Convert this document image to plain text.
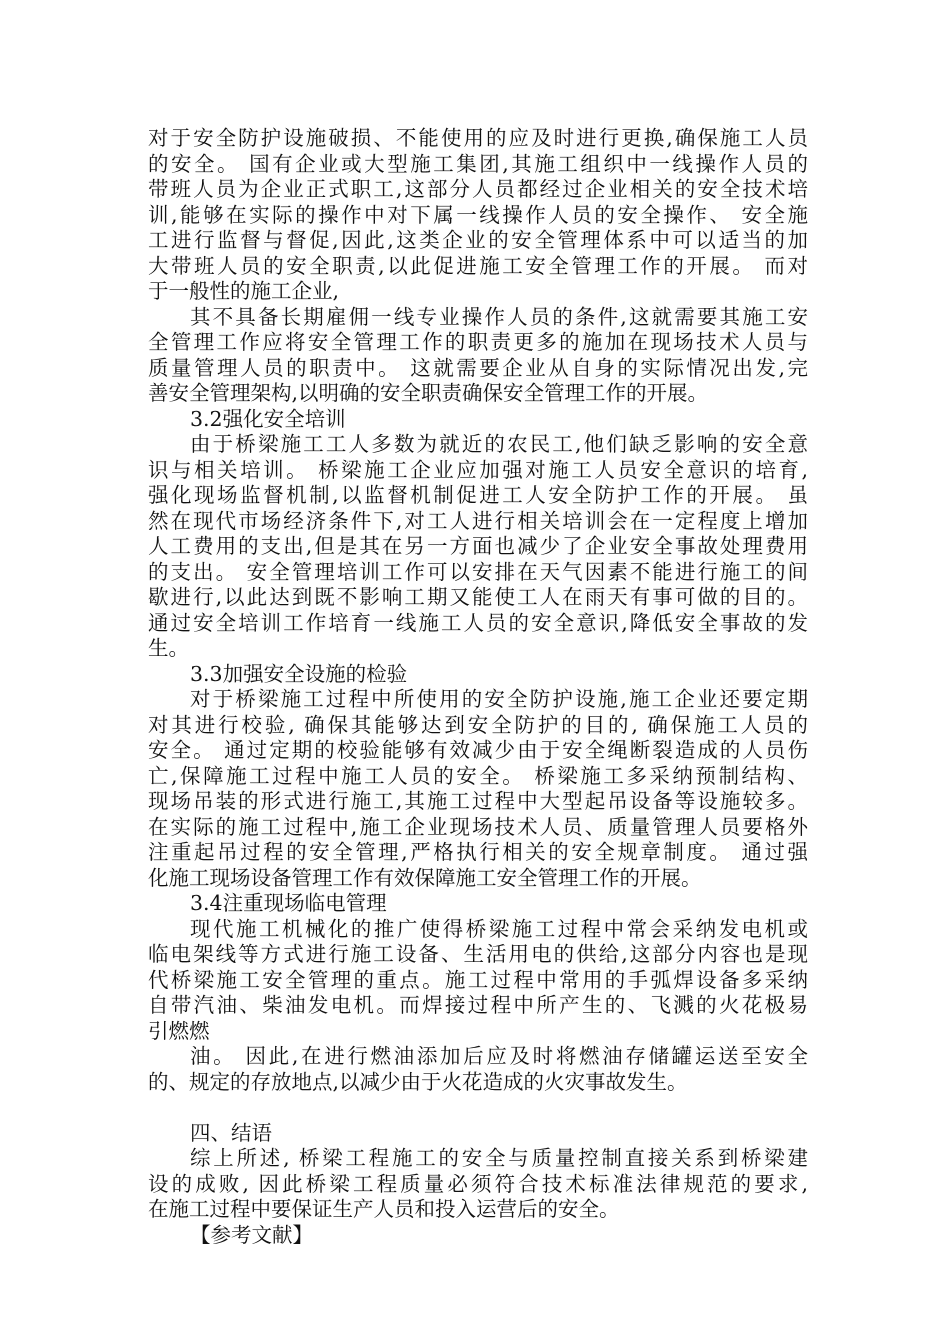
对于安全防护设施破损、不能使用的应及时进行更换,确保施工人员
的安全。 国有企业或大型施工集团,其施工组织中一线操作人员的
带班人员为企业正式职工,这部分人员都经过企业相关的安全技术培
训,能够在实际的操作中对下属一线操作人员的安全操作、 安全施
工进行监督与督促,因此,这类企业的安全管理体系中可以适当的加
大带班人员的安全职责,以此促进施工安全管理工作的开展。 而对
于一般性的施工企业,
其不具备长期雇佣一线专业操作人员的条件,这就需要其施工安
全管理工作应将安全管理工作的职责更多的施加在现场技术人员与
质量管理人员的职责中。 这就需要企业从自身的实际情况出发,完
善安全管理架构,以明确的安全职责确保安全管理工作的开展。
3.2强化安全培训
由于桥梁施工工人多数为就近的农民工,他们缺乏影响的安全意
识与相关培训。 桥梁施工企业应加强对施工人员安全意识的培育,
强化现场监督机制,以监督机制促进工人安全防护工作的开展。 虽
然在现代市场经济条件下,对工人进行相关培训会在一定程度上增加
人工费用的支出,但是其在另一方面也减少了企业安全事故处理费用
的支出。 安全管理培训工作可以安排在天气因素不能进行施工的间
歇进行,以此达到既不影响工期又能使工人在雨天有事可做的目的。
通过安全培训工作培育一线施工人员的安全意识,降低安全事故的发
生。
3.3加强安全设施的检验
对于桥梁施工过程中所使用的安全防护设施,施工企业还要定期
对其进行校验, 确保其能够达到安全防护的目的, 确保施工人员的
安全。 通过定期的校验能够有效减少由于安全绳断裂造成的人员伤
亡,保障施工过程中施工人员的安全。 桥梁施工多采纳预制结构、
现场吊装的形式进行施工,其施工过程中大型起吊设备等设施较多。
在实际的施工过程中,施工企业现场技术人员、质量管理人员要格外
注重起吊过程的安全管理,严格执行相关的安全规章制度。 通过强
化施工现场设备管理工作有效保障施工安全管理工作的开展。
3.4注重现场临电管理
现代施工机械化的推广使得桥梁施工过程中常会采纳发电机或
临电架线等方式进行施工设备、生活用电的供给,这部分内容也是现
代桥梁施工安全管理的重点。施工过程中常用的手弧焊设备多采纳
自带汽油、柴油发电机。而焊接过程中所产生的、飞溅的火花极易
引燃燃
油。 因此,在进行燃油添加后应及时将燃油存储罐运送至安全
的、规定的存放地点,以减少由于火花造成的火灾事故发生。
四、结语
综上所述, 桥梁工程施工的安全与质量控制直接关系到桥梁建
设的成败, 因此桥梁工程质量必须符合技术标准法律规范的要求,
在施工过程中要保证生产人员和投入运营后的安全。
【参考文献】
